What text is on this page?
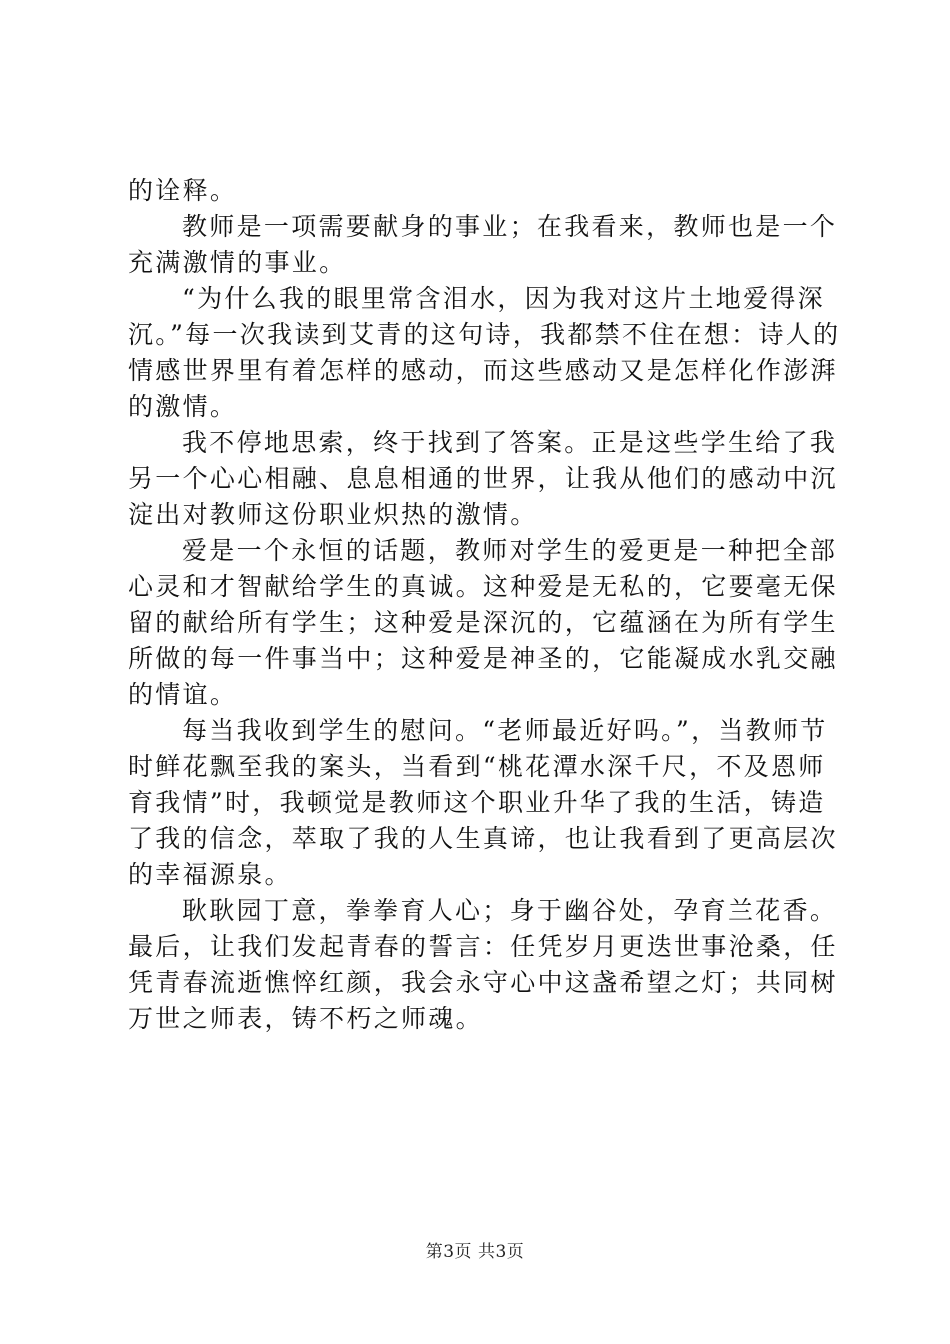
的诠释。

教师是一项需要献身的事业；在我看来，教师也是一个充满激情的事业。

“为什么我的眼里常含泪水，因为我对这片土地爱得深沉。”每一次我读到艾青的这句诗，我都禁不住在想：诗人的情感世界里有着怎样的感动，而这些感动又是怎样化作澎湃的激情。

我不停地思索，终于找到了答案。正是这些学生给了我另一个心心相融、息息相通的世界，让我从他们的感动中沉淀出对教师这份职业炽热的激情。

爱是一个永恒的话题，教师对学生的爱更是一种把全部心灵和才智献给学生的真诚。这种爱是无私的，它要毫无保留的献给所有学生；这种爱是深沉的，它蕴涵在为所有学生所做的每一件事当中；这种爱是神圣的，它能凝成水乳交融的情谊。

每当我收到学生的慰问。“老师最近好吗。”，当教师节时鲜花飘至我的案头，当看到“桃花潭水深千尺，不及恩师育我情”时，我顿觉是教师这个职业升华了我的生活，铸造了我的信念，萃取了我的人生真谛，也让我看到了更高层次的幸福源泉。

耿耿园丁意，拳拳育人心；身于幽谷处，孕育兰花香。最后，让我们发起青春的誓言：任凭岁月更迭世事沧桑，任凭青春流逝憔悴红颜，我会永守心中这盏希望之灯；共同树万世之师表，铸不朽之师魂。

第3页 共3页
